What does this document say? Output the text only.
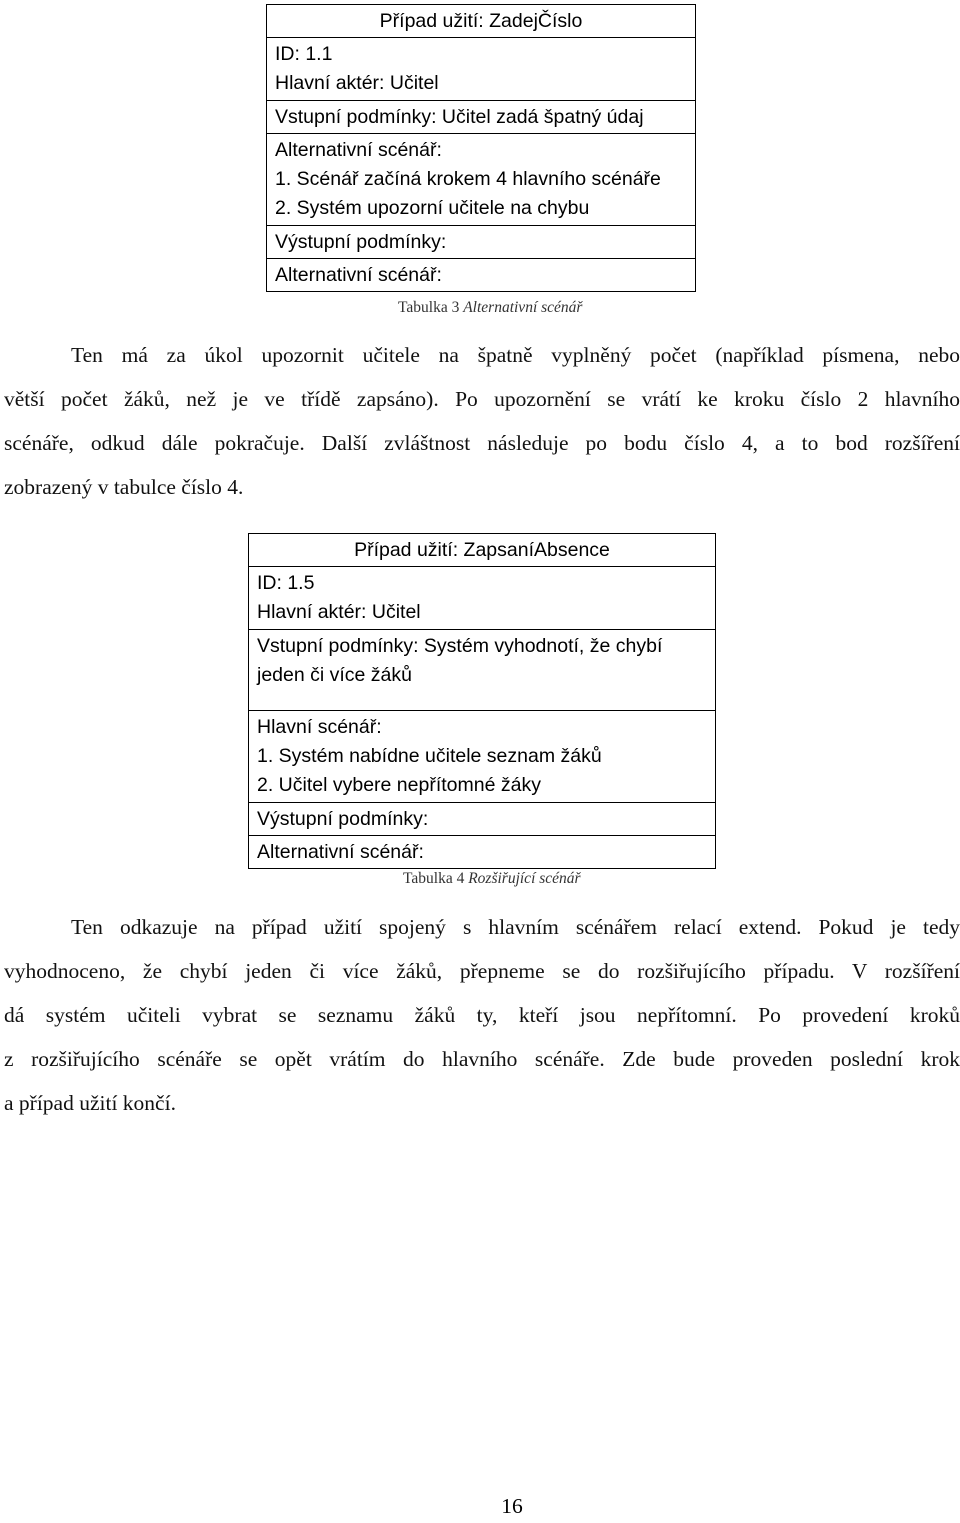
Případ užití: ZadejČíslo

ID: 1.1
Hlavní aktér: Učitel

Vstupní podmínky: Učitel zadá špatný údaj

Alternativní scénář:
1. Scénář začíná krokem 4 hlavního scénáře
2. Systém upozorní učitele na chybu

Výstupní podmínky:
Alternativní scénář:
Tabulka 3 Alternativní scénář
Ten má za úkol upozornit učitele na špatně vyplněný počet (například písmena, nebo
větší počet žáků, než je ve třídě zapsáno). Po upozornění se vrátí ke kroku číslo 2 hlavního
scénáře, odkud dále pokračuje. Další zvláštnost následuje po bodu číslo 4, a to bod rozšíření
zobrazený v tabulce číslo 4.
Případ užití: ZapsaníAbsence

ID: 1.5
Hlavní aktér: Učitel

Vstupní podmínky: Systém vyhodnotí, že chybí
jeden či více žáků

Hlavní scénář:
1. Systém nabídne učitele seznam žáků
2. Učitel vybere nepřítomné žáky

Výstupní podmínky:
Alternativní scénář:
Tabulka 4 Rozšiřující scénář
Ten odkazuje na případ užití spojený s hlavním scénářem relací extend. Pokud je tedy
vyhodnoceno, že chybí jeden či více žáků, přepneme se do rozšiřujícího případu. V rozšíření
dá systém učiteli vybrat se seznamu žáků ty, kteří jsou nepřítomní. Po provedení kroků
z rozšiřujícího scénáře se opět vrátím do hlavního scénáře. Zde bude proveden poslední krok
a případ užití končí.
16
